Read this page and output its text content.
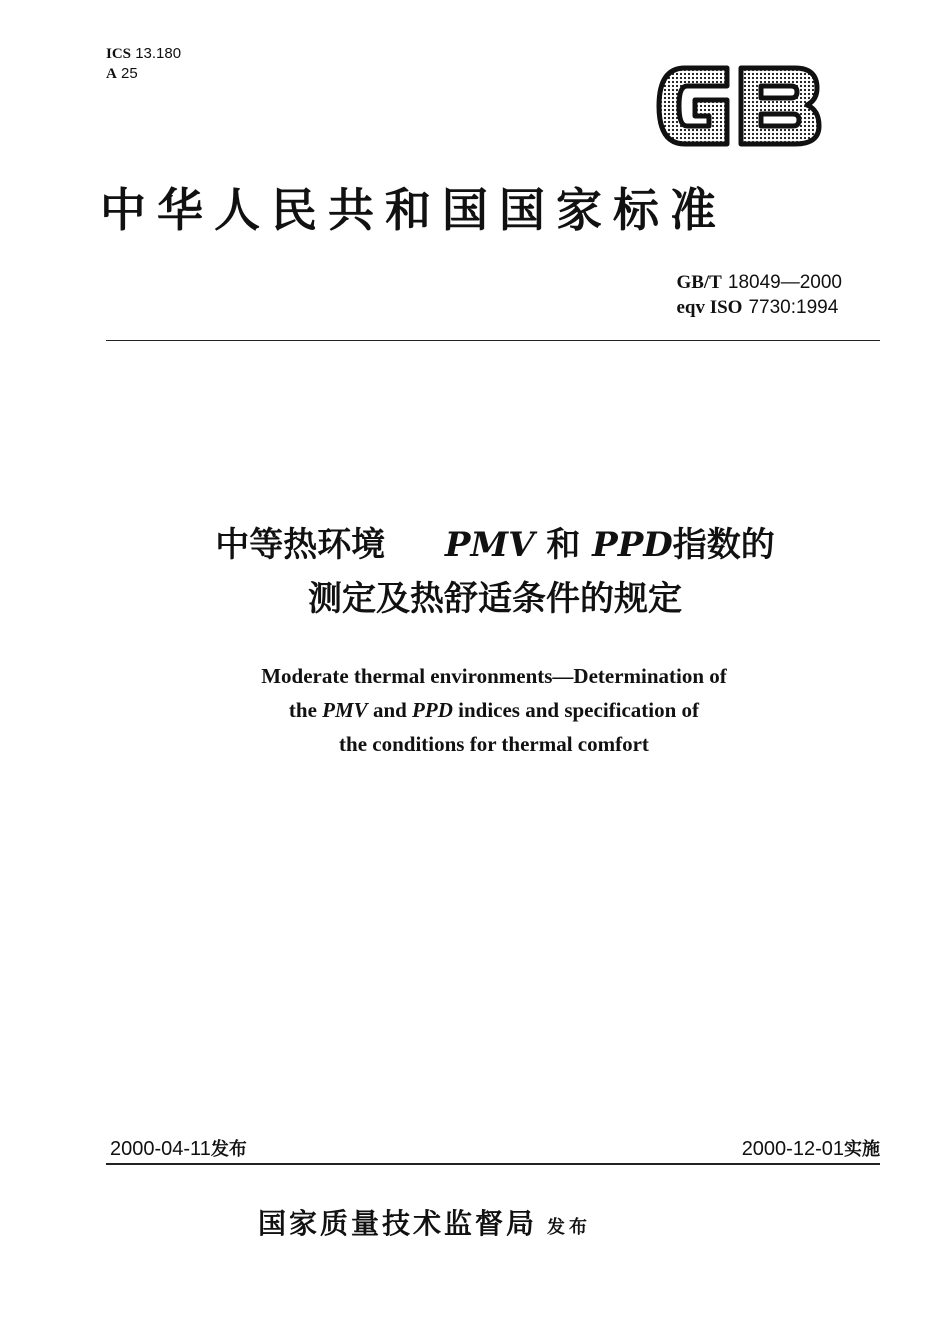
ICS 13.180
A 25
中华人民共和国国家标准
GB/T 18049—2000
eqv ISO 7730:1994
中等热环境 PMV 和 PPD指数的
测定及热舒适条件的规定
Moderate thermal environments—Determination of
the PMV and PPD indices and specification of
the conditions for thermal comfort
2000-04-11发布	2000-12-01实施
国家质量技术监督局 发布
